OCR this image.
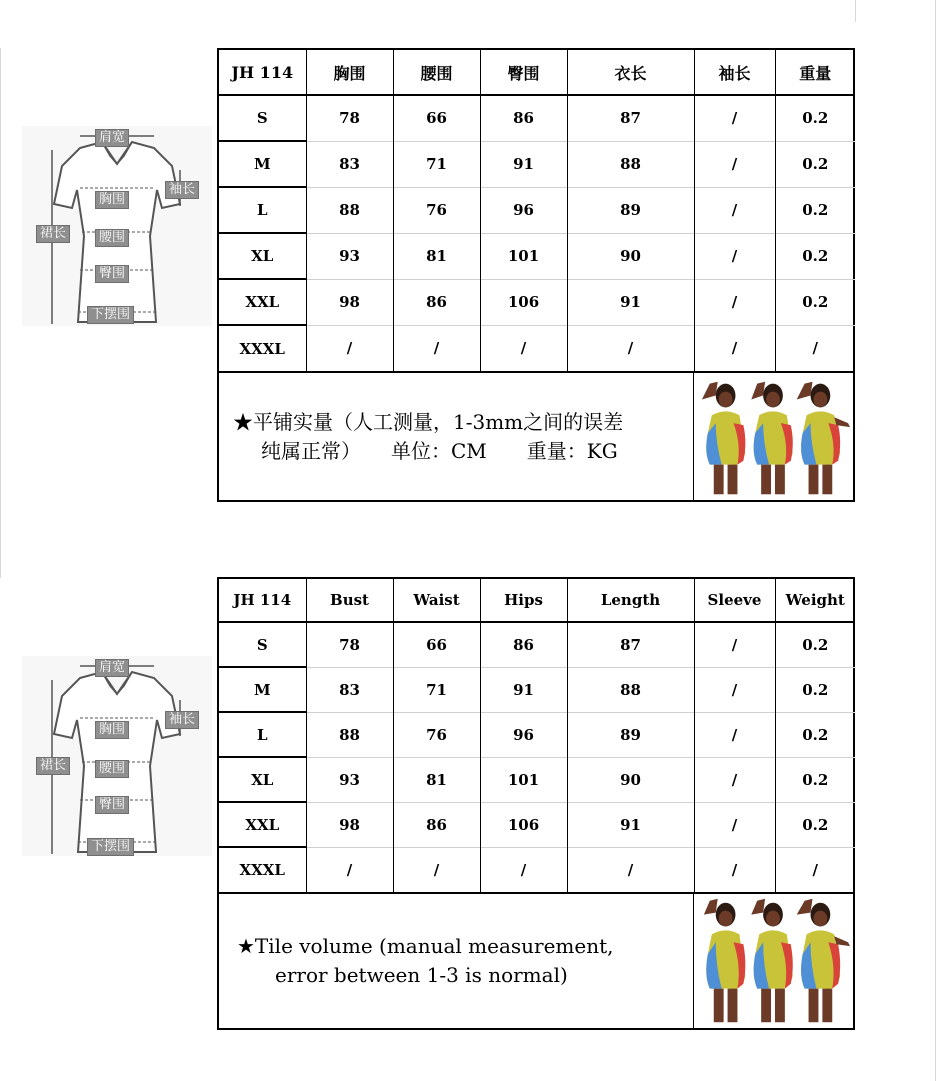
肩宽
胸围
袖长
裙长	腰围
臀围
下摆围
JH 114	胸围	腰围	臀围	衣长	袖长	重量
S	78	66	86	87	/	0.2
M	83	71	91	88	/	0.2
L	88	76	96	89	/	0.2
XL	93	81	101	90	/	0.2
XXL	98	86	106	91	/	0.2
XXXL	/	/	/	/	/	/
★平铺实量（人工测量，1-3mm之间的误差
纯属正常）　　单位：CM　　重量：KG
肩宽
胸围
袖长
裙长	腰围
臀围
下摆围
JH 114	Bust	Waist	Hips	Length	Sleeve	Weight
S	78	66	86	87	/	0.2
M	83	71	91	88	/	0.2
L	88	76	96	89	/	0.2
XL	93	81	101	90	/	0.2
XXL	98	86	106	91	/	0.2
XXXL	/	/	/	/	/	/
★Tile volume (manual measurement,
error between 1-3 is normal)
